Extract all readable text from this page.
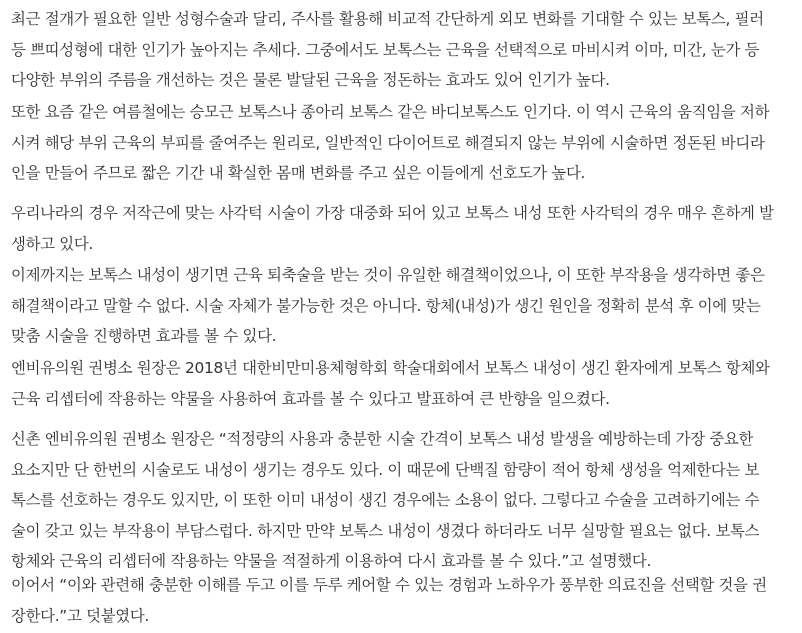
최근 절개가 필요한 일반 성형수술과 달리, 주사를 활용해 비교적 간단하게 외모 변화를 기대할 수 있는 보톡스, 필러
등 쁘띠성형에 대한 인기가 높아지는 추세다. 그중에서도 보톡스는 근육을 선택적으로 마비시켜 이마, 미간, 눈가 등
다양한 부위의 주름을 개선하는 것은 물론 발달된 근육을 정돈하는 효과도 있어 인기가 높다.

또한 요즘 같은 여름철에는 승모근 보톡스나 종아리 보톡스 같은 바디보톡스도 인기다. 이 역시 근육의 움직임을 저하
시켜 해당 부위 근육의 부피를 줄여주는 원리로, 일반적인 다이어트로 해결되지 않는 부위에 시술하면 정돈된 바디라
인을 만들어 주므로 짧은 기간 내 확실한 몸매 변화를 주고 싶은 이들에게 선호도가 높다.

우리나라의 경우 저작근에 맞는 사각턱 시술이 가장 대중화 되어 있고 보톡스 내성 또한 사각턱의 경우 매우 흔하게 발
생하고 있다.

이제까지는 보톡스 내성이 생기면 근육 퇴축술을 받는 것이 유일한 해결책이었으나, 이 또한 부작용을 생각하면 좋은
해결책이라고 말할 수 없다. 시술 자체가 불가능한 것은 아니다. 항체(내성)가 생긴 원인을 정확히 분석 후 이에 맞는
맞춤 시술을 진행하면 효과를 볼 수 있다.

엔비유의원 권병소 원장은 2018년 대한비만미용체형학회 학술대회에서 보톡스 내성이 생긴 환자에게 보톡스 항체와
근육 리셉터에 작용하는 약물을 사용하여 효과를 볼 수 있다고 발표하여 큰 반향을 일으켰다.

신촌 엔비유의원 권병소 원장은 “적정량의 사용과 충분한 시술 간격이 보톡스 내성 발생을 예방하는데 가장 중요한
요소지만 단 한번의 시술로도 내성이 생기는 경우도 있다. 이 때문에 단백질 함량이 적어 항체 생성을 억제한다는 보
톡스를 선호하는 경우도 있지만, 이 또한 이미 내성이 생긴 경우에는 소용이 없다. 그렇다고 수술을 고려하기에는 수
술이 갖고 있는 부작용이 부담스럽다. 하지만 만약 보톡스 내성이 생겼다 하더라도 너무 실망할 필요는 없다. 보톡스
항체와 근육의 리셉터에 작용하는 약물을 적절하게 이용하여 다시 효과를 볼 수 있다.”고 설명했다.

이어서 “이와 관련해 충분한 이해를 두고 이를 두루 케어할 수 있는 경험과 노하우가 풍부한 의료진을 선택할 것을 권
장한다.”고 덧붙였다.
